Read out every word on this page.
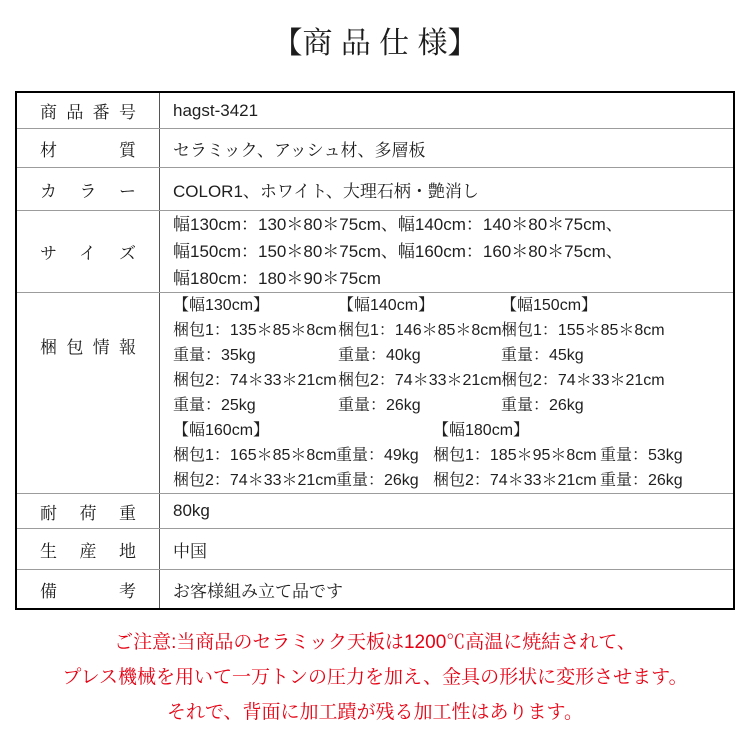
【商 品 仕 様】
商品番号 hagst-3421
材質 セラミック、アッシュ材、多層板
カラー COLOR1、ホワイト、大理石柄・艶消し
サイズ
幅130cm：130＊80＊75cm、幅140cm：140＊80＊75cm、
幅150cm：150＊80＊75cm、幅160cm：160＊80＊75cm、
幅180cm：180＊90＊75cm
梱包情報
【幅130cm】
梱包1：135＊85＊8cm
重量：35kg
梱包2：74＊33＊21cm
重量：25kg
【幅140cm】
梱包1：146＊85＊8cm
重量：40kg
梱包2：74＊33＊21cm
重量：26kg
【幅150cm】
梱包1：155＊85＊8cm
重量：45kg
梱包2：74＊33＊21cm
重量：26kg
【幅160cm】
梱包1：165＊85＊8cm 重量：49kg
梱包2：74＊33＊21cm 重量：26kg
【幅180cm】
梱包1：185＊95＊8cm 重量：53kg
梱包2：74＊33＊21cm 重量：26kg
耐荷重 80kg
生産地 中国
備考 お客様組み立て品です

ご注意:当商品のセラミック天板は1200℃高温に焼結されて、

プレス機械を用いて一万トンの圧力を加え、金具の形状に変形させます。

それで、背面に加工蹟が残る加工性はあります。
